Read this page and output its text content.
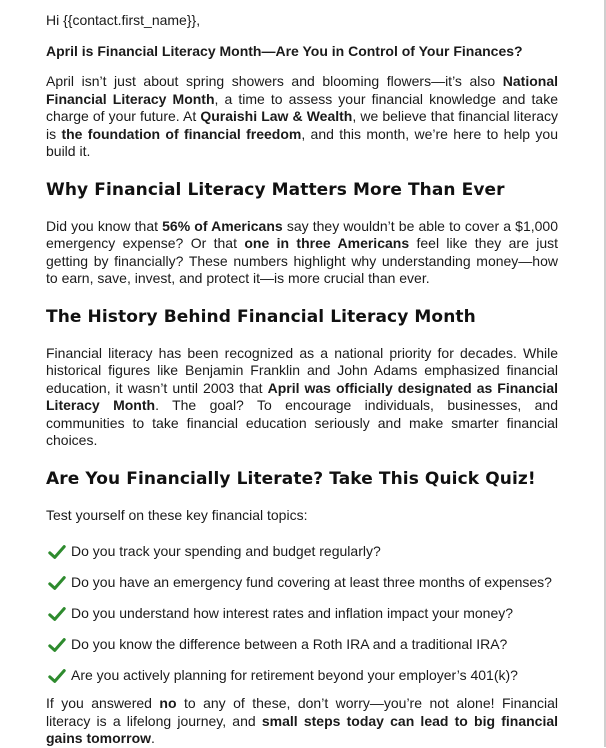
Hi {{contact.first_name}},

April is Financial Literacy Month—Are You in Control of Your Finances?

April isn’t just about spring showers and blooming flowers—it’s also National Financial Literacy Month, a time to assess your financial knowledge and take charge of your future. At Quraishi Law & Wealth, we believe that financial literacy is the foundation of financial freedom, and this month, we’re here to help you build it.

Why Financial Literacy Matters More Than Ever

Did you know that 56% of Americans say they wouldn’t be able to cover a $1,000 emergency expense? Or that one in three Americans feel like they are just getting by financially? These numbers highlight why understanding money—how to earn, save, invest, and protect it—is more crucial than ever.

The History Behind Financial Literacy Month

Financial literacy has been recognized as a national priority for decades. While historical figures like Benjamin Franklin and John Adams emphasized financial education, it wasn’t until 2003 that April was officially designated as Financial Literacy Month. The goal? To encourage individuals, businesses, and communities to take financial education seriously and make smarter financial choices.

Are You Financially Literate? Take This Quick Quiz!

Test yourself on these key financial topics:

Do you track your spending and budget regularly?
Do you have an emergency fund covering at least three months of expenses?
Do you understand how interest rates and inflation impact your money?
Do you know the difference between a Roth IRA and a traditional IRA?
Are you actively planning for retirement beyond your employer’s 401(k)?

If you answered no to any of these, don’t worry—you’re not alone! Financial literacy is a lifelong journey, and small steps today can lead to big financial gains tomorrow.
